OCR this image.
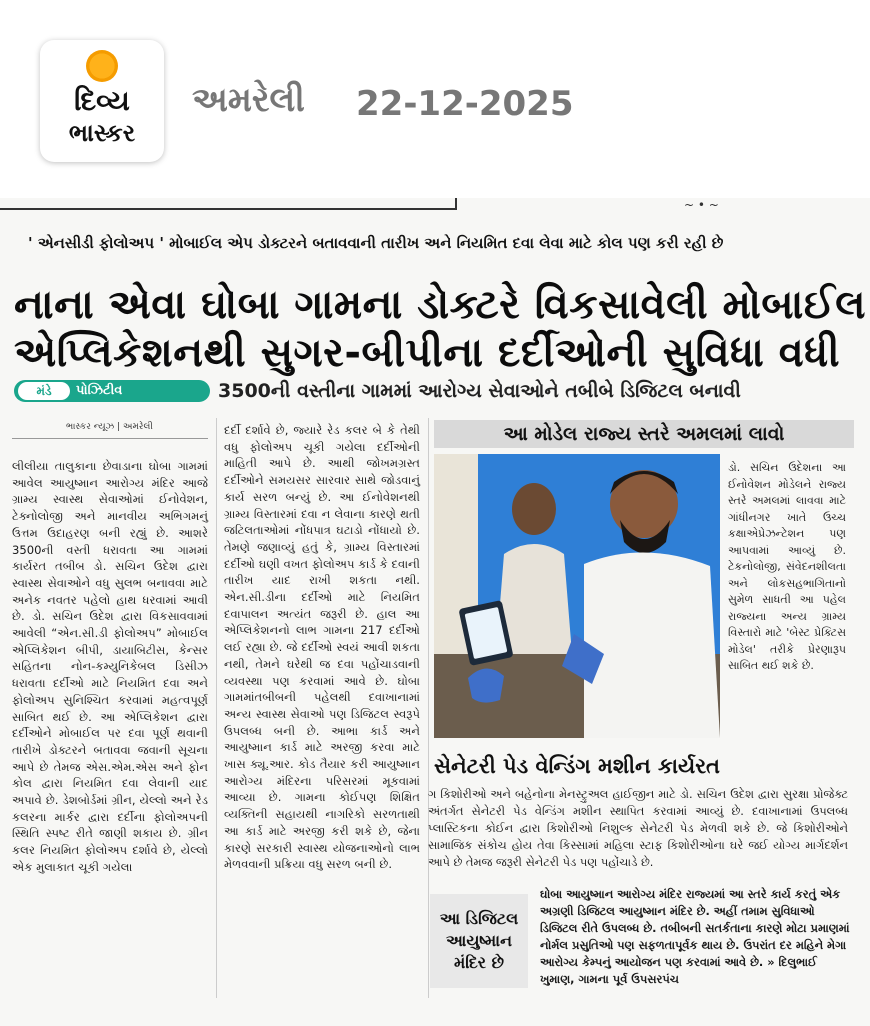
દિવ્ય
ભાસ્કર
અમરેલી 22-12-2025
~ • ~
' એનસીડી ફોલોઅપ ' મોબાઈલ એપ ડોક્ટરને બતાવવાની તારીખ અને નિયમિત દવા લેવા માટે કોલ પણ કરી રહી છે
નાના એવા ઘોબા ગામના ડોક્ટરે વિકસાવેલી મોબાઈલ
એપ્લિકેશનથી સુગર-બીપીના દર્દીઓની સુવિધા વધી
મંડે	પોઝિટીવ	3500ની વસ્તીના ગામમાં આરોગ્ય સેવાઓને તબીબે ડિજિટલ બનાવી
ભાસ્કર ન્યૂઝ | અમરેલી

લીલીયા તાલુકાના છેવાડાના ઘોબા ગામમાં આવેલ આયુષ્માન આરોગ્ય મંદિર આજે ગ્રામ્ય સ્વાસ્થ સેવાઓમાં ઈનોવેશન, ટેક્નોલોજી અને માનવીય અભિગમનું ઉત્તમ ઉદાહરણ બની રહ્યું છે. આશરે 3500ની વસ્તી ધરાવતા આ ગામમાં કાર્યરત તબીબ ડો. સચિન ઉદેશ દ્વારા સ્વાસ્થ સેવાઓને વધુ સુલભ બનાવવા માટે અનેક નવતર પહેલો હાથ ધરવામાં આવી છે. ડો. સચિન ઉદેશ દ્વારા વિકસાવવામાં આવેલી “એન.સી.ડી ફોલોઅપ” મોબાઈલ એપ્લિકેશન બીપી, ડાયાબિટીસ, કેન્સર સહિતના નોન-કમ્યુનિકેબલ ડિસીઝ ધરાવતા દર્દીઓ માટે નિયમિત દવા અને ફોલોઅપ સુનિશ્ચિત કરવામાં મહત્વપૂર્ણ સાબિત થઈ છે. આ એપ્લિકેશન દ્વારા દર્દીઓને મોબાઈલ પર દવા પૂર્ણ થવાની તારીખે ડોક્ટરને બતાવવા જવાની સૂચના આપે છે તેમજ એસ.એમ.એસ અને ફોન કોલ દ્વારા નિયમિત દવા લેવાની યાદ અપાવે છે. ડેશબોર્ડમાં ગ્રીન, યેલ્લો અને રેડ કલરના માર્કર દ્વારા દર્દીના ફોલોઅપની સ્થિતિ સ્પષ્ટ રીતે જાણી શકાય છે. ગ્રીન કલર નિયમિત ફોલોઅપ દર્શાવે છે, યેલ્લો એક મુલાકાત ચૂકી ગયેલા

દર્દી દર્શાવે છે, જ્યારે રેડ કલર બે કે તેથી વધુ ફોલોઅપ ચૂકી ગયેલા દર્દીઓની માહિતી આપે છે. આથી જોખમગ્રસ્ત દર્દીઓને સમયસર સારવાર સાથે જોડવાનું કાર્ય સરળ બન્યું છે. આ ઈનોવેશનથી ગ્રામ્ય વિસ્તારમાં દવા ન લેવાના કારણે થતી જટિલતાઓમાં નોંધપાત્ર ઘટાડો નોંધાયો છે. તેમણે જણાવ્યું હતું કે, ગ્રામ્ય વિસ્તારમાં દર્દીઓ ઘણી વખત ફોલોઅપ કાર્ડ કે દવાની તારીખ યાદ રાખી શકતા નથી. એન.સી.ડીના દર્દીઓ માટે નિયમિત દવાપાલન અત્યંત જરૂરી છે. હાલ આ એપ્લિકેશનનો લાભ ગામના 217 દર્દીઓ લઈ રહ્યા છે. જે દર્દીઓ સ્વયં આવી શકતા નથી, તેમને ઘરેથી જ દવા પહોંચાડવાની વ્યવસ્થા પણ કરવામાં આવે છે. ઘોબા ગામમાંતબીબની પહેલથી દવાખાનામાં અન્ય સ્વાસ્થ સેવાઓ પણ ડિજિટલ સ્વરૂપે ઉપલબ્ધ બની છે. આભા કાર્ડ અને આયુષ્માન કાર્ડ માટે અરજી કરવા માટે ખાસ ક્યૂ.આર. કોડ તૈયાર કરી આયુષ્માન આરોગ્ય મંદિરના પરિસરમાં મૂકવામાં આવ્યા છે. ગામના કોઈપણ શિક્ષિત વ્યક્તિની સહાયથી નાગરિકો સરળતાથી આ કાર્ડ માટે અરજી કરી શકે છે, જેના કારણે સરકારી સ્વાસ્થ યોજનાઓનો લાભ મેળવવાની પ્રક્રિયા વધુ સરળ બની છે.

આ મોડેલ રાજ્ય સ્તરે અમલમાં લાવો

ડો. સચિન ઉદેશના આ ઈનોવેશન મોડેલને રાજ્ય સ્તરે અમલમાં લાવવા માટે ગાંધીનગર ખાતે ઉચ્ચ કક્ષાએપ્રેઝન્ટેશન પણ આપવામાં આવ્યું છે. ટેકનોલોજી, સંવેદનશીલતા અને લોકસહભાગિતાનો સુમેળ સાધતી આ પહેલ રાજ્યના અન્ય ગ્રામ્ય વિસ્તારો માટે 'બેસ્ટ પ્રેક્ટિસ મોડેલ' તરીકે પ્રેરણારૂપ સાબિત થઈ શકે છે.

સેનેટરી પેડ વેન્ડિંગ મશીન કાર્યરત

ગ કિશોરીઓ અને બહેનોના મેનસ્ટ્રુઅલ હાઈજીન માટે ડો. સચિન ઉદેશ દ્વારા સુરક્ષા પ્રોજેક્ટ અંતર્ગત સેનેટરી પેડ વેન્ડિંગ મશીન સ્થાપિત કરવામાં આવ્યું છે. દવાખાનામાં ઉપલબ્ધ પ્લાસ્ટિકના કોઈન દ્વારા કિશોરીઓ નિશુલ્ક સેનેટરી પેડ મેળવી શકે છે. જે કિશોરીઓને સામાજિક સંકોચ હોય તેવા કિસ્સામાં મહિલા સ્ટાફ કિશોરીઓના ઘરે જઈ યોગ્ય માર્ગદર્શન આપે છે તેમજ જરૂરી સેનેટરી પેડ પણ પહોંચાડે છે.

આ ડિજિટલ આયુષ્માન મંદિર છે
ઘોબા આયુષ્માન આરોગ્ય મંદિર રાજ્યમાં આ સ્તરે કાર્ય કરતું એક અગ્રણી ડિજિટલ આયુષ્માન મંદિર છે. અહીં તમામ સુવિધાઓ ડિજિટલ રીતે ઉપલબ્ધ છે. તબીબની સતર્કતાના કારણે મોટા પ્રમાણમાં નોર્મલ પ્રસુતિઓ પણ સફળતાપૂર્વક થાય છે. ઉપરાંત દર મહિને મેગા આરોગ્ય કેમ્પનું આયોજન પણ કરવામાં આવે છે. » દિલુભાઈ ખુમાણ, ગામના પૂર્વ ઉપસરપંચ
